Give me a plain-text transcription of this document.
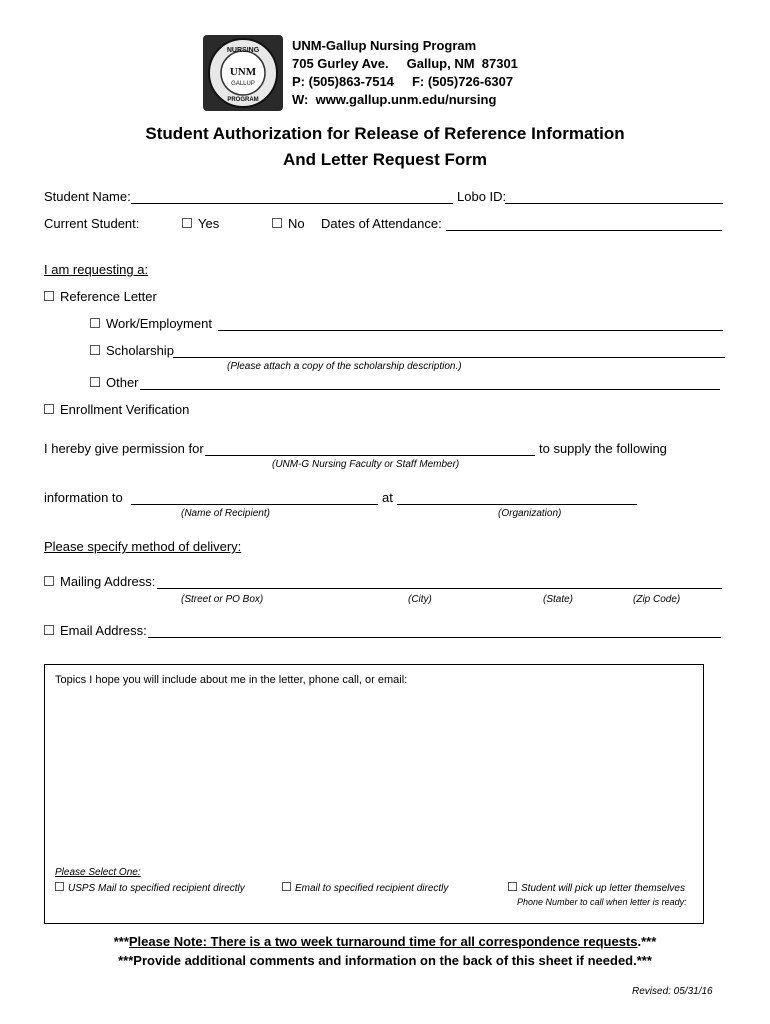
NURSING
PROGRAM
UNM
GALLUP
UNM-Gallup Nursing Program
705 Gurley Ave.     Gallup, NM  87301
P: (505)863-7514     F: (505)726-6307
W:  www.gallup.unm.edu/nursing
Student Authorization for Release of Reference Information
And Letter Request Form
Student Name:	Lobo ID:
Current Student:	Yes	No Dates of Attendance:
I am requesting a:
Reference Letter
Work/Employment
Scholarship
(Please attach a copy of the scholarship description.)
Other
Enrollment Verification
I hereby give permission for	to supply the following
(UNM-G Nursing Faculty or Staff Member)
information to	at
(Name of Recipient)	(Organization)
Please specify method of delivery:
Mailing Address:
(Street or PO Box)	(City)	(State)	(Zip Code)
Email Address:
Topics I hope you will include about me in the letter, phone call, or email:
Please Select One:
USPS Mail to specified recipient directly	Email to specified recipient directly	Student will pick up letter themselves
Phone Number to call when letter is ready:
***Please Note: There is a two week turnaround time for all correspondence requests.***
***Provide additional comments and information on the back of this sheet if needed.***
Revised: 05/31/16
